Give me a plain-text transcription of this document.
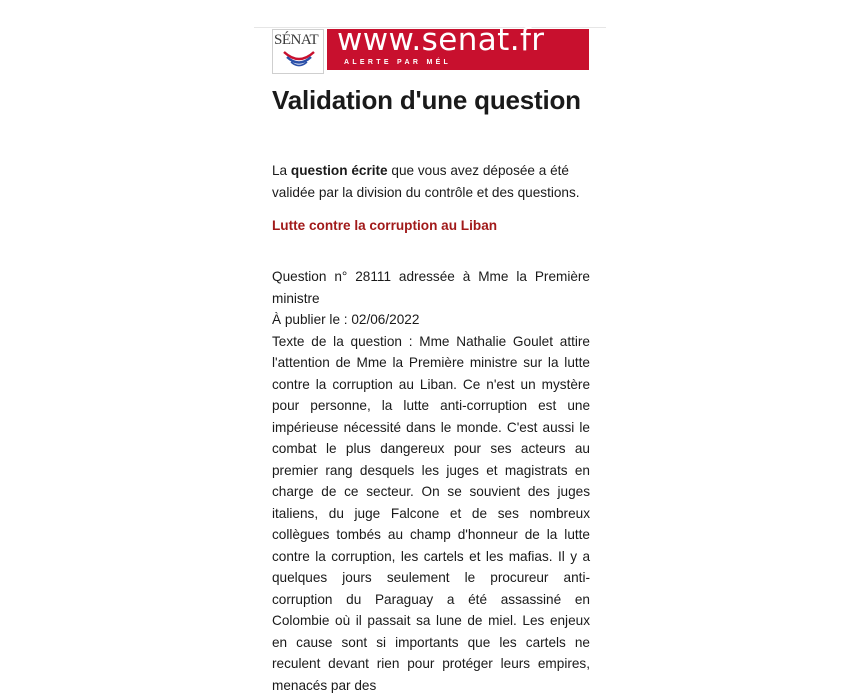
SÉNAT www.senat.fr
ALERTE PAR MÉL
Validation d'une question
La question écrite que vous avez déposée a été validée par la division du contrôle et des questions.
Lutte contre la corruption au Liban

Question n° 28111 adressée à Mme la Première ministre

À publier le : 02/06/2022

Texte de la question : Mme Nathalie Goulet attire l'attention de Mme la Première ministre sur la lutte contre la corruption au Liban. Ce n'est un mystère pour personne, la lutte anti-corruption est une impérieuse nécessité dans le monde. C'est aussi le combat le plus dangereux pour ses acteurs au premier rang desquels les juges et magistrats en charge de ce secteur. On se souvient des juges italiens, du juge Falcone et de ses nombreux collègues tombés au champ d'honneur de la lutte contre la corruption, les cartels et les mafias. Il y a quelques jours seulement le procureur anti-corruption du Paraguay a été assassiné en Colombie où il passait sa lune de miel. Les enjeux en cause sont si importants que les cartels ne reculent devant rien pour protéger leurs empires, menacés par des
